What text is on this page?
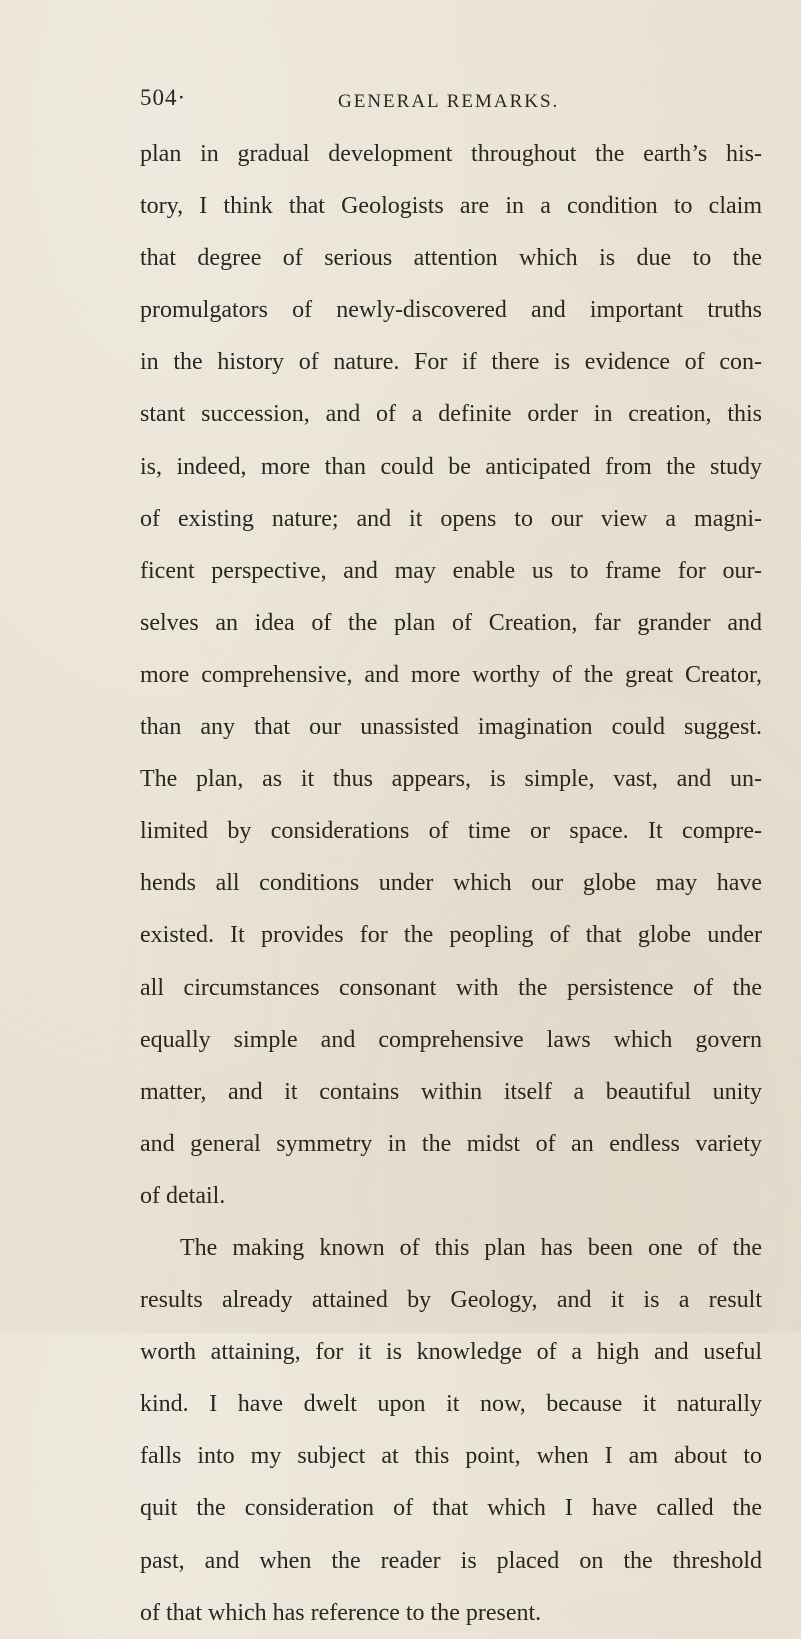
504·	GENERAL REMARKS.
plan in gradual development throughout the earth’s his-
tory, I think that Geologists are in a condition to claim
that degree of serious attention which is due to the
promulgators of newly-discovered and important truths
in the history of nature. For if there is evidence of con-
stant succession, and of a definite order in creation, this
is, indeed, more than could be anticipated from the study
of existing nature; and it opens to our view a magni-
ficent perspective, and may enable us to frame for our-
selves an idea of the plan of Creation, far grander and
more comprehensive, and more worthy of the great Creator,
than any that our unassisted imagination could suggest.
The plan, as it thus appears, is simple, vast, and un-
limited by considerations of time or space. It compre-
hends all conditions under which our globe may have
existed. It provides for the peopling of that globe under
all circumstances consonant with the persistence of the
equally simple and comprehensive laws which govern
matter, and it contains within itself a beautiful unity
and general symmetry in the midst of an endless variety
of detail.
The making known of this plan has been one of the
results already attained by Geology, and it is a result
worth attaining, for it is knowledge of a high and useful
kind. I have dwelt upon it now, because it naturally
falls into my subject at this point, when I am about to
quit the consideration of that which I have called the
past, and when the reader is placed on the threshold
of that which has reference to the present.
